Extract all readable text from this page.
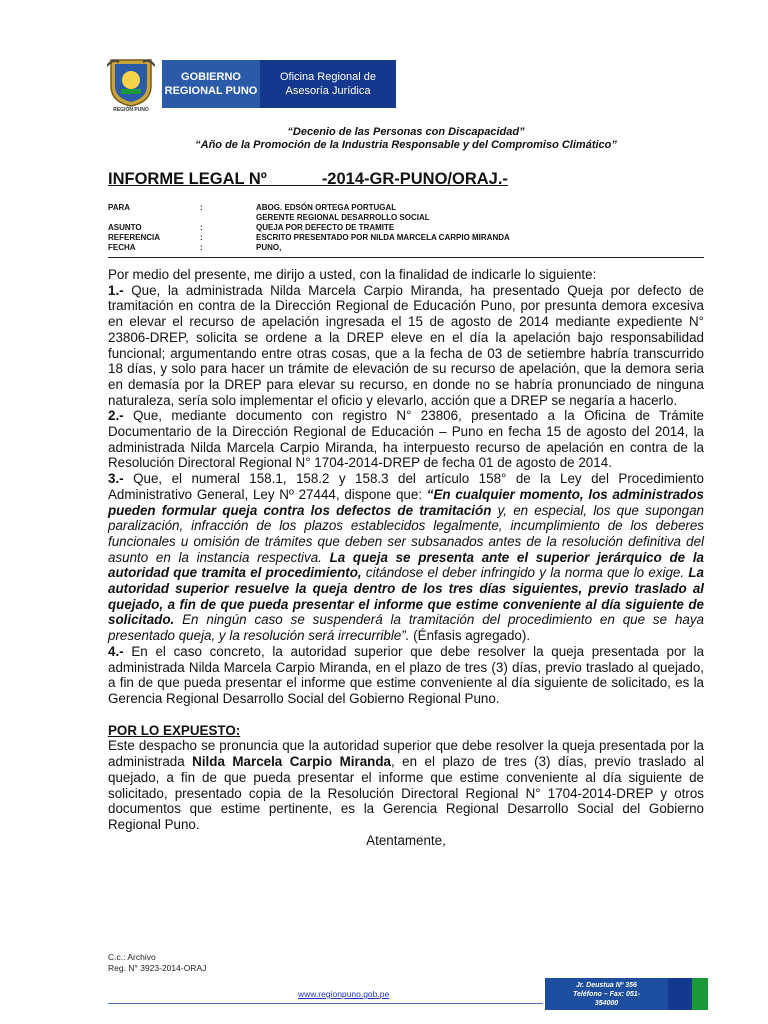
REGIÓN PUNO
GOBIERNO
REGIONAL PUNO
Oficina Regional de
Asesoría Jurídica
“Decenio de las Personas con Discapacidad”
“Año de la Promoción de la Industria Responsable y del Compromiso Climático”
INFORME LEGAL Nº            -2014-GR-PUNO/ORAJ.-
PARA	:	ABOG. EDSÓN ORTEGA PORTUGAL
GERENTE REGIONAL DESARROLLO SOCIAL
ASUNTO	:	QUEJA POR DEFECTO DE TRAMITE
REFERENCIA	:	ESCRITO PRESENTADO POR NILDA MARCELA CARPIO MIRANDA
FECHA	:	PUNO,

Por medio del presente, me dirijo a usted, con la finalidad de indicarle lo siguiente:

1.- Que, la administrada Nilda Marcela Carpio Miranda, ha presentado Queja por defecto de tramitación en contra de la Dirección Regional de Educación Puno, por presunta demora excesiva en elevar el recurso de apelación ingresada el 15 de agosto de 2014 mediante expediente N° 23806-DREP, solicita se ordene a la DREP eleve en el día la apelación bajo responsabilidad funcional; argumentando entre otras cosas, que a la fecha de 03 de setiembre habría transcurrido 18 días, y solo para hacer un trámite de elevación de su recurso de apelación, que la demora seria en demasía por la DREP para elevar su recurso, en donde no se habría pronunciado de ninguna naturaleza, sería solo implementar el oficio y elevarlo, acción que a DREP se negaría a hacerlo.

2.- Que, mediante documento con registro N° 23806, presentado a la Oficina de Trámite Documentario de la Dirección Regional de Educación – Puno en fecha 15 de agosto del 2014, la administrada Nilda Marcela Carpio Miranda, ha interpuesto recurso de apelación en contra de la Resolución Directoral Regional N° 1704-2014-DREP de fecha 01 de agosto de 2014.

3.- Que, el numeral 158.1, 158.2 y 158.3 del artículo 158° de la Ley del Procedimiento Administrativo General, Ley Nº 27444, dispone que: “En cualquier momento, los administrados pueden formular queja contra los defectos de tramitación y, en especial, los que supongan paralización, infracción de los plazos establecidos legalmente, incumplimiento de los deberes funcionales u omisión de trámites que deben ser subsanados antes de la resolución definitiva del asunto en la instancia respectiva. La queja se presenta ante el superior jerárquico de la autoridad que tramita el procedimiento, citándose el deber infringido y la norma que lo exige. La autoridad superior resuelve la queja dentro de los tres días siguientes, previo traslado al quejado, a fin de que pueda presentar el informe que estime conveniente al día siguiente de solicitado. En ningún caso se suspenderá la tramitación del procedimiento en que se haya presentado queja, y la resolución será irrecurrible”. (Énfasis agregado).

4.- En el caso concreto, la autoridad superior que debe resolver la queja presentada por la administrada Nilda Marcela Carpio Miranda, en el plazo de tres (3) días, previo traslado al quejado, a fin de que pueda presentar el informe que estime conveniente al día siguiente de solicitado, es la Gerencia Regional Desarrollo Social del Gobierno Regional Puno.

POR LO EXPUESTO:

Este despacho se pronuncia que la autoridad superior que debe resolver la queja presentada por la administrada Nilda Marcela Carpio Miranda, en el plazo de tres (3) días, previo traslado al quejado, a fin de que pueda presentar el informe que estime conveniente al día siguiente de solicitado, presentado copia de la Resolución Directoral Regional N° 1704-2014-DREP y otros documentos que estime pertinente, es la Gerencia Regional Desarrollo Social del Gobierno Regional Puno.

Atentamente,

C.c.: Archivo
Reg. N° 3923-2014-ORAJ
www.regionpuno.gob.pe
Jr. Deustua Nº 356
Teléfono – Fax: 051-
354000
